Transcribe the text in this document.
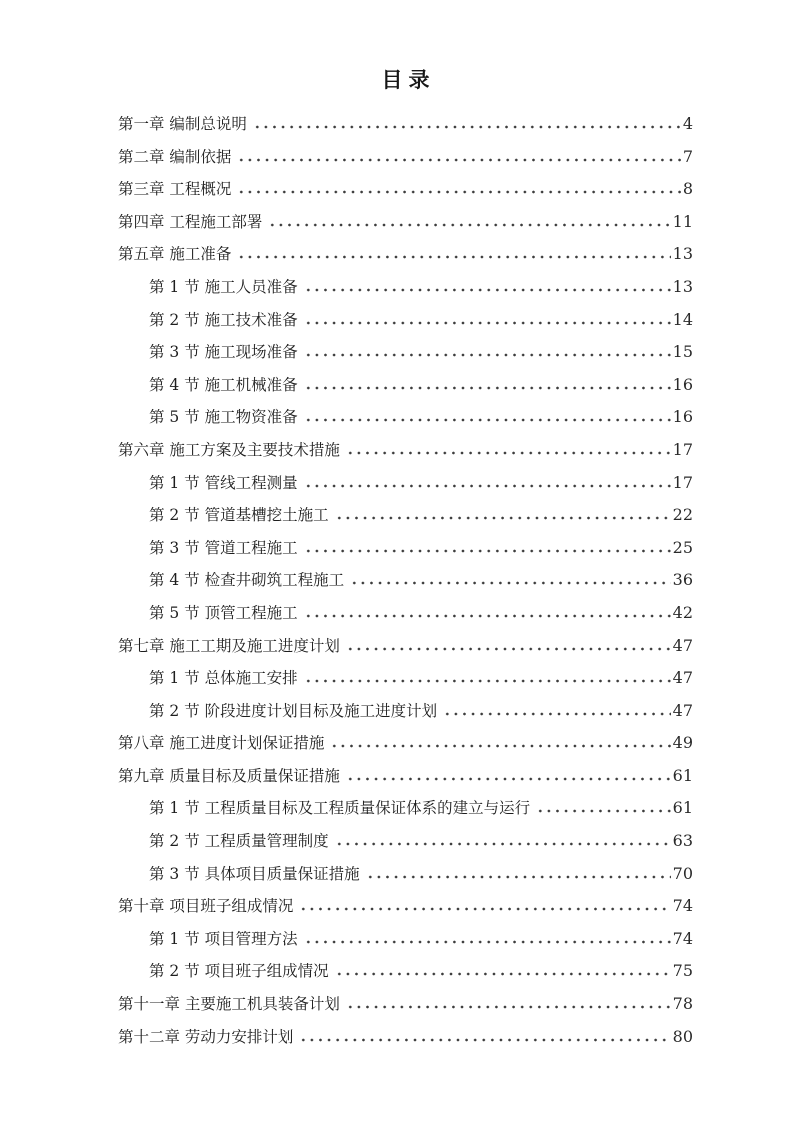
目录
第一章 编制总说明	4
第二章 编制依据	7
第三章 工程概况	8
第四章 工程施工部署	11
第五章 施工准备	13
第 1 节 施工人员准备	13
第 2 节 施工技术准备	14
第 3 节 施工现场准备	15
第 4 节 施工机械准备	16
第 5 节 施工物资准备	16
第六章 施工方案及主要技术措施	17
第 1 节 管线工程测量	17
第 2 节 管道基槽挖土施工	22
第 3 节 管道工程施工	25
第 4 节 检查井砌筑工程施工	36
第 5 节 顶管工程施工	42
第七章 施工工期及施工进度计划	47
第 1 节 总体施工安排	47
第 2 节 阶段进度计划目标及施工进度计划	47
第八章 施工进度计划保证措施	49
第九章 质量目标及质量保证措施	61
第 1 节 工程质量目标及工程质量保证体系的建立与运行	61
第 2 节 工程质量管理制度	63
第 3 节 具体项目质量保证措施	70
第十章 项目班子组成情况	74
第 1 节 项目管理方法	74
第 2 节 项目班子组成情况	75
第十一章 主要施工机具装备计划	78
第十二章 劳动力安排计划	80
